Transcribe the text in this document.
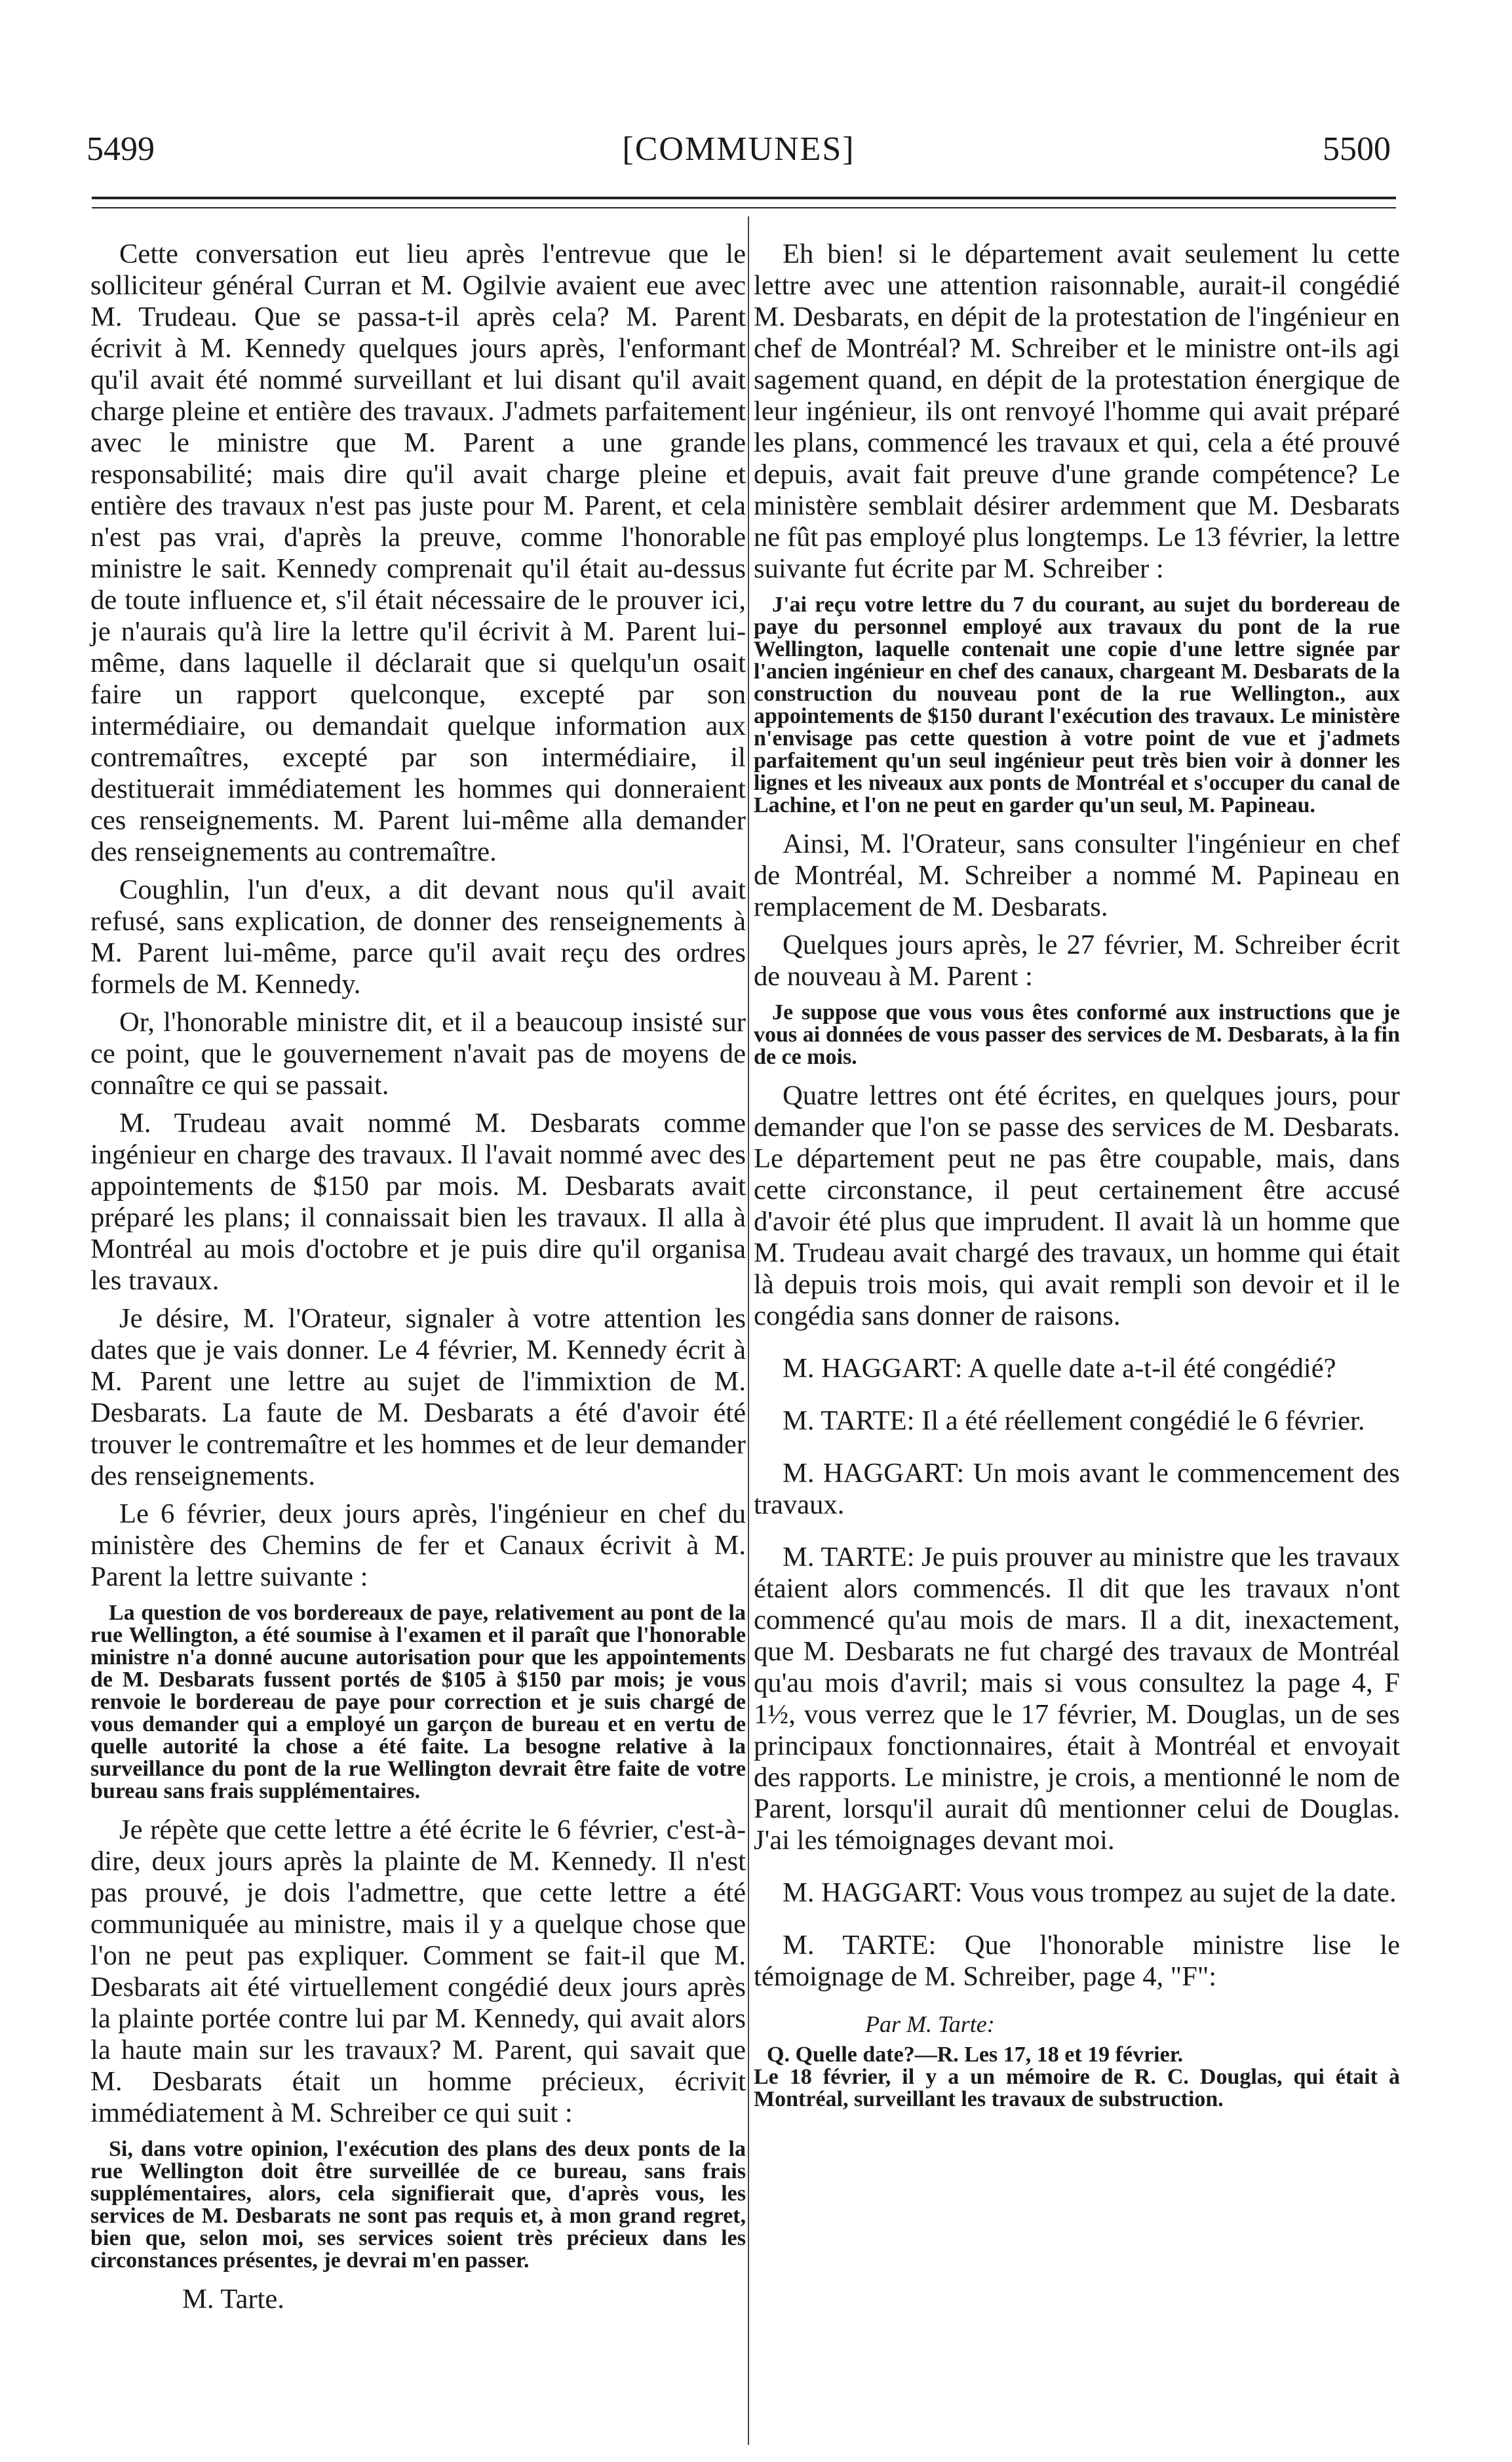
5499	[COMMUNES]	5500

Cette conversation eut lieu après l'entrevue que le solliciteur général Curran et M. Ogilvie avaient eue avec M. Trudeau. Que se passa-t-il après cela? M. Parent écrivit à M. Kennedy quelques jours après, l'enformant qu'il avait été nommé surveillant et lui disant qu'il avait charge pleine et entière des travaux. J'admets parfaitement avec le ministre que M. Parent a une grande responsabilité; mais dire qu'il avait charge pleine et entière des travaux n'est pas juste pour M. Parent, et cela n'est pas vrai, d'après la preuve, comme l'honorable ministre le sait. Kennedy comprenait qu'il était au-dessus de toute influence et, s'il était nécessaire de le prouver ici, je n'aurais qu'à lire la lettre qu'il écrivit à M. Parent lui-même, dans laquelle il déclarait que si quelqu'un osait faire un rapport quelconque, excepté par son intermédiaire, ou demandait quelque information aux contremaîtres, excepté par son intermédiaire, il destituerait immédiatement les hommes qui donneraient ces renseignements. M. Parent lui-même alla demander des renseignements au contremaître.

Coughlin, l'un d'eux, a dit devant nous qu'il avait refusé, sans explication, de donner des renseignements à M. Parent lui-même, parce qu'il avait reçu des ordres formels de M. Kennedy.

Or, l'honorable ministre dit, et il a beaucoup insisté sur ce point, que le gouvernement n'avait pas de moyens de connaître ce qui se passait.

M. Trudeau avait nommé M. Desbarats comme ingénieur en charge des travaux. Il l'avait nommé avec des appointements de $150 par mois. M. Desbarats avait préparé les plans; il connaissait bien les travaux. Il alla à Montréal au mois d'octobre et je puis dire qu'il organisa les travaux.

Je désire, M. l'Orateur, signaler à votre attention les dates que je vais donner. Le 4 février, M. Kennedy écrit à M. Parent une lettre au sujet de l'immixtion de M. Desbarats. La faute de M. Desbarats a été d'avoir été trouver le contremaître et les hommes et de leur demander des renseignements.

Le 6 février, deux jours après, l'ingénieur en chef du ministère des Chemins de fer et Canaux écrivit à M. Parent la lettre suivante :

La question de vos bordereaux de paye, relativement au pont de la rue Wellington, a été soumise à l'examen et il paraît que l'honorable ministre n'a donné aucune autorisation pour que les appointements de M. Desbarats fussent portés de $105 à $150 par mois; je vous renvoie le bordereau de paye pour correction et je suis chargé de vous demander qui a employé un garçon de bureau et en vertu de quelle autorité la chose a été faite. La besogne relative à la surveillance du pont de la rue Wellington devrait être faite de votre bureau sans frais supplémentaires.

Je répète que cette lettre a été écrite le 6 février, c'est-à-dire, deux jours après la plainte de M. Kennedy. Il n'est pas prouvé, je dois l'admettre, que cette lettre a été communiquée au ministre, mais il y a quelque chose que l'on ne peut pas expliquer. Comment se fait-il que M. Desbarats ait été virtuellement congédié deux jours après la plainte portée contre lui par M. Kennedy, qui avait alors la haute main sur les travaux? M. Parent, qui savait que M. Desbarats était un homme précieux, écrivit immédiatement à M. Schreiber ce qui suit :

Si, dans votre opinion, l'exécution des plans des deux ponts de la rue Wellington doit être surveillée de ce bureau, sans frais supplémentaires, alors, cela signifierait que, d'après vous, les services de M. Desbarats ne sont pas requis et, à mon grand regret, bien que, selon moi, ses services soient très précieux dans les circonstances présentes, je devrai m'en passer.

M. Tarte.

Eh bien! si le département avait seulement lu cette lettre avec une attention raisonnable, aurait-il congédié M. Desbarats, en dépit de la protestation de l'ingénieur en chef de Montréal? M. Schreiber et le ministre ont-ils agi sagement quand, en dépit de la protestation énergique de leur ingénieur, ils ont renvoyé l'homme qui avait préparé les plans, commencé les travaux et qui, cela a été prouvé depuis, avait fait preuve d'une grande compétence? Le ministère semblait désirer ardemment que M. Desbarats ne fût pas employé plus longtemps. Le 13 février, la lettre suivante fut écrite par M. Schreiber :

J'ai reçu votre lettre du 7 du courant, au sujet du bordereau de paye du personnel employé aux travaux du pont de la rue Wellington, laquelle contenait une copie d'une lettre signée par l'ancien ingénieur en chef des canaux, chargeant M. Desbarats de la construction du nouveau pont de la rue Wellington., aux appointements de $150 durant l'exécution des travaux. Le ministère n'envisage pas cette question à votre point de vue et j'admets parfaitement qu'un seul ingénieur peut très bien voir à donner les lignes et les niveaux aux ponts de Montréal et s'occuper du canal de Lachine, et l'on ne peut en garder qu'un seul, M. Papineau.

Ainsi, M. l'Orateur, sans consulter l'ingénieur en chef de Montréal, M. Schreiber a nommé M. Papineau en remplacement de M. Desbarats.

Quelques jours après, le 27 février, M. Schreiber écrit de nouveau à M. Parent :

Je suppose que vous vous êtes conformé aux instructions que je vous ai données de vous passer des services de M. Desbarats, à la fin de ce mois.

Quatre lettres ont été écrites, en quelques jours, pour demander que l'on se passe des services de M. Desbarats. Le département peut ne pas être coupable, mais, dans cette circonstance, il peut certainement être accusé d'avoir été plus que imprudent. Il avait là un homme que M. Trudeau avait chargé des travaux, un homme qui était là depuis trois mois, qui avait rempli son devoir et il le congédia sans donner de raisons.

M. HAGGART: A quelle date a-t-il été congédié?

M. TARTE: Il a été réellement congédié le 6 février.

M. HAGGART: Un mois avant le commencement des travaux.

M. TARTE: Je puis prouver au ministre que les travaux étaient alors commencés. Il dit que les travaux n'ont commencé qu'au mois de mars. Il a dit, inexactement, que M. Desbarats ne fut chargé des travaux de Montréal qu'au mois d'avril; mais si vous consultez la page 4, F 1½, vous verrez que le 17 février, M. Douglas, un de ses principaux fonctionnaires, était à Montréal et envoyait des rapports. Le ministre, je crois, a mentionné le nom de Parent, lorsqu'il aurait dû mentionner celui de Douglas. J'ai les témoignages devant moi.

M. HAGGART: Vous vous trompez au sujet de la date.

M. TARTE: Que l'honorable ministre lise le témoignage de M. Schreiber, page 4, "F":

Par M. Tarte:

Q. Quelle date?—R. Les 17, 18 et 19 février.

Le 18 février, il y a un mémoire de R. C. Douglas, qui était à Montréal, surveillant les travaux de substruction.
